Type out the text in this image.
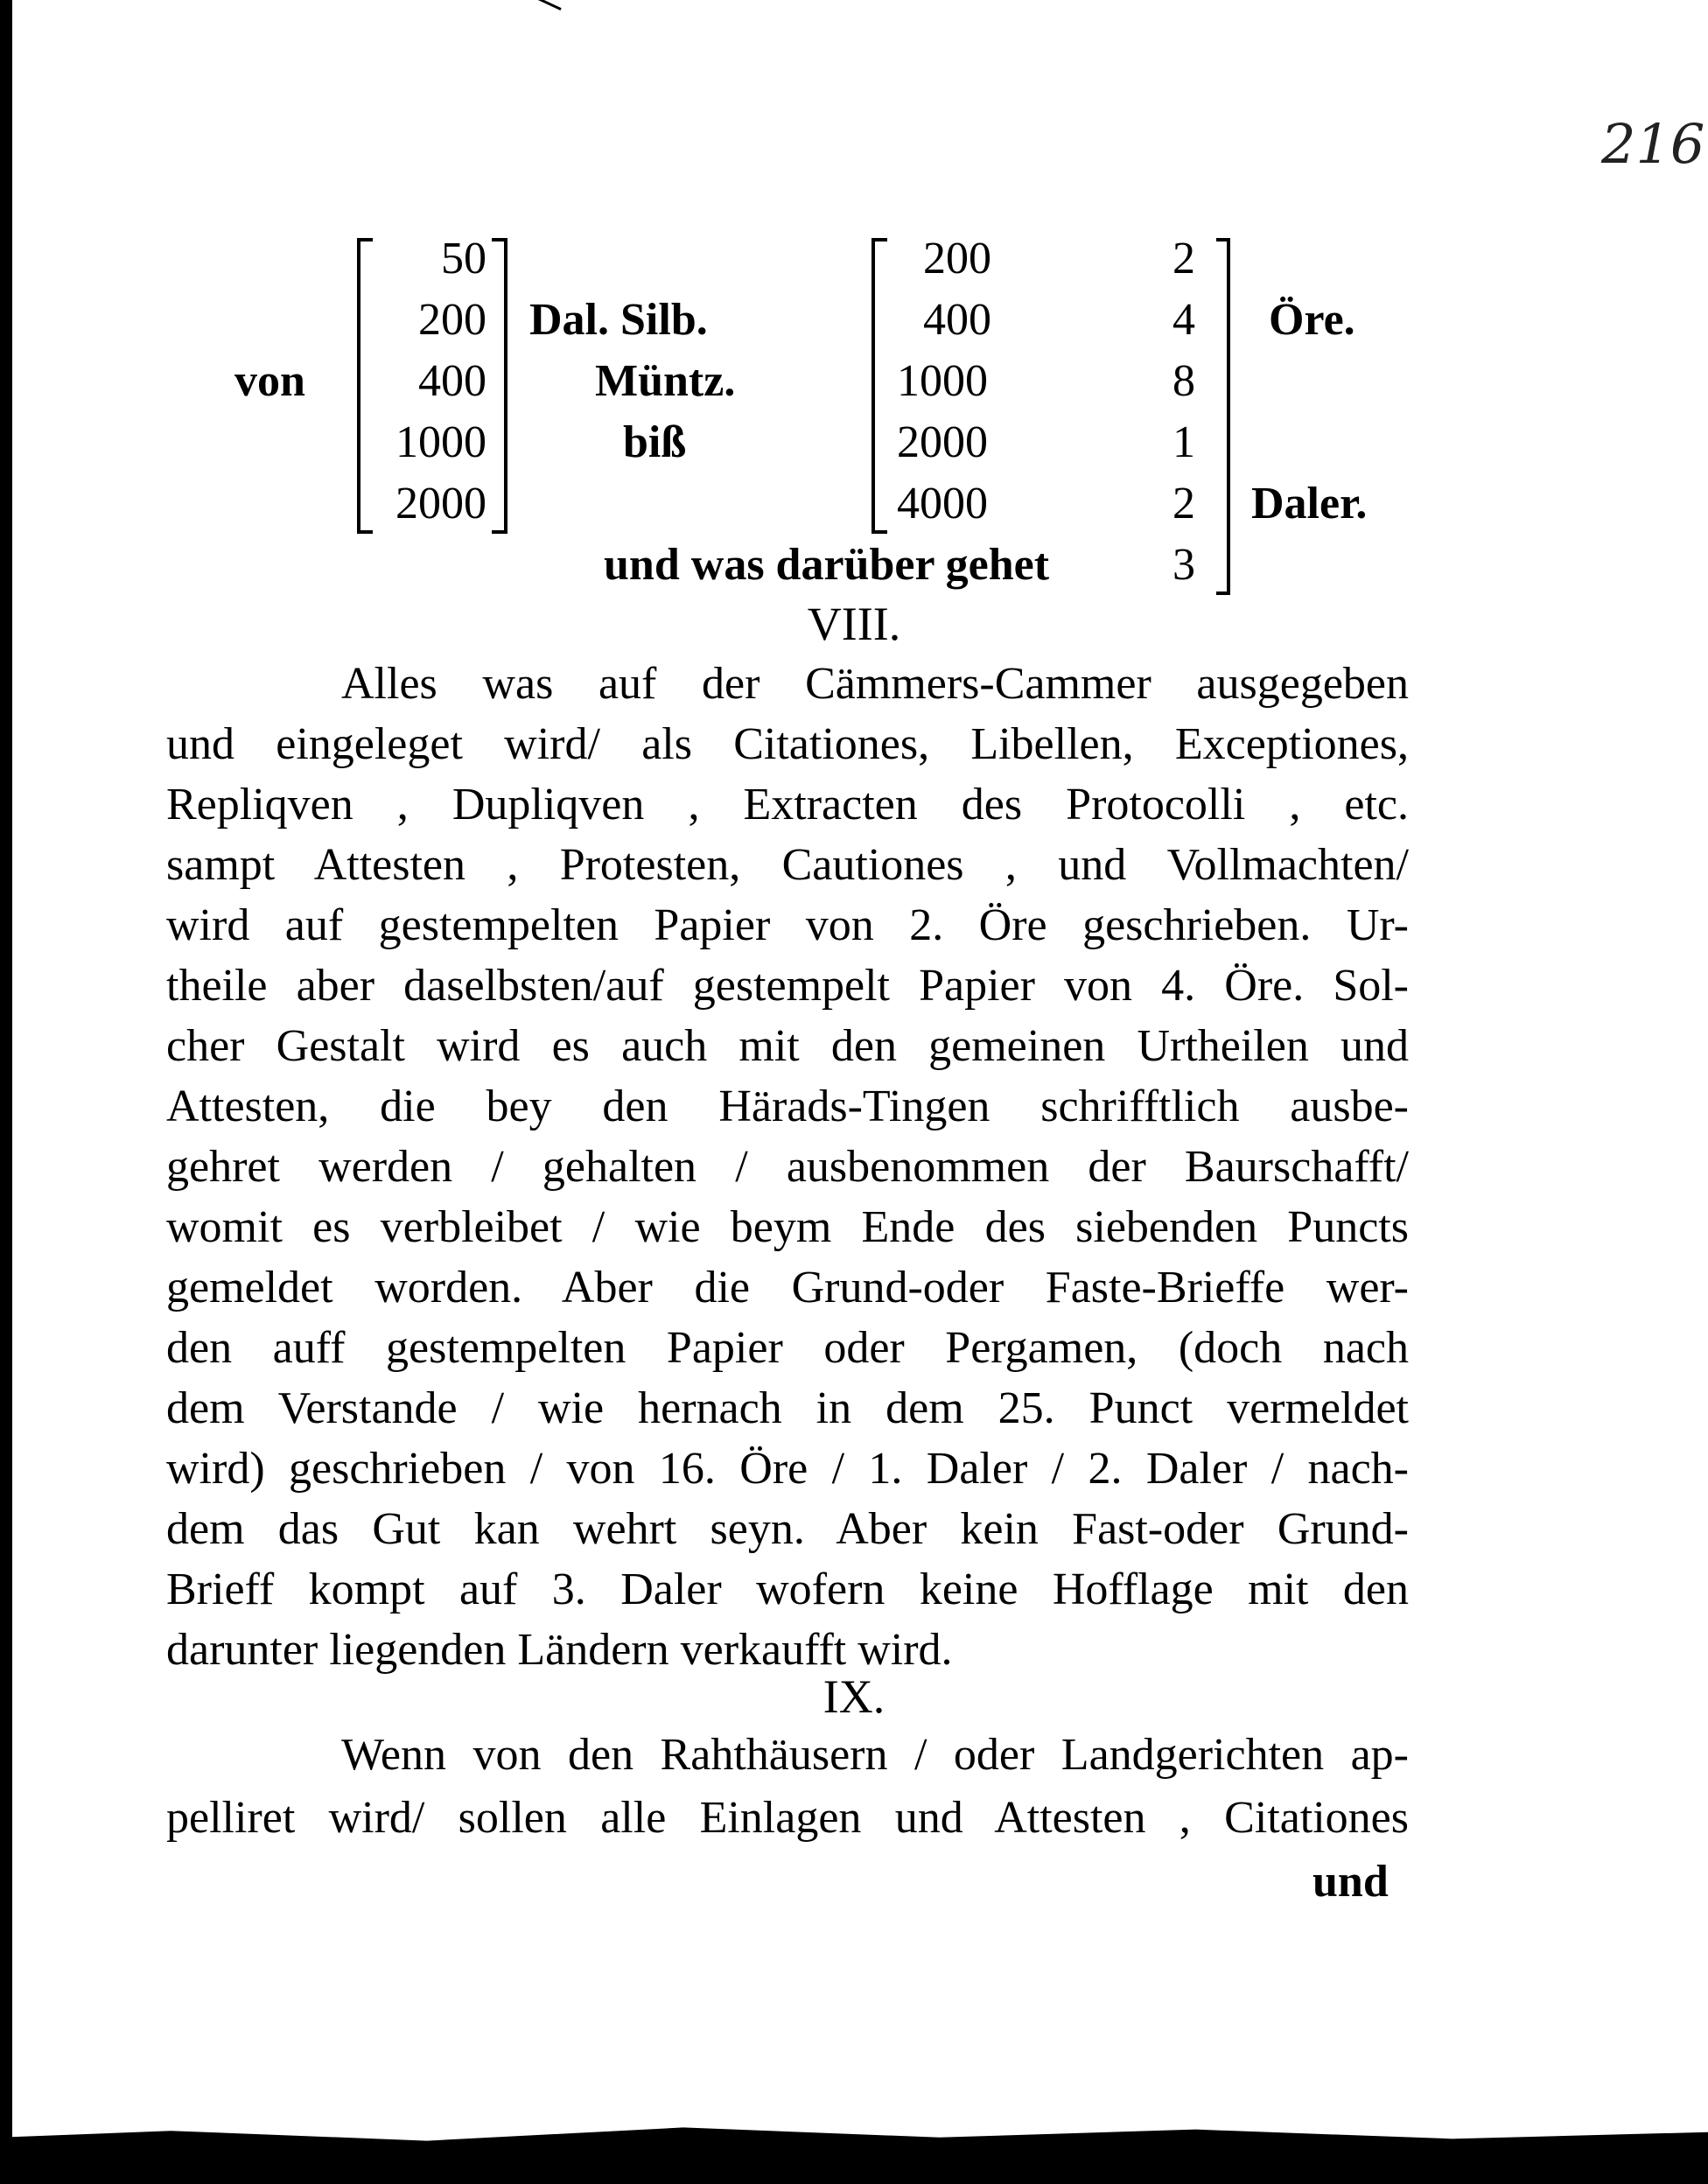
216
von
50
200
400
1000
2000
Dal. Silb.
Müntz.
biß
200
400
1000
2000
4000
2
4
8
1
2
3
Öre.
Daler.
und was darüber gehet
VIII.
Alles was auf der Cämmers-Cammer ausgegeben
und eingeleget wird/ als Citationes, Libellen, Exceptiones,
Repliqven , Dupliqven , Extracten des Protocolli , etc.
sampt Attesten , Protesten, Cautiones , und Vollmachten/
wird auf gestempelten Papier von 2. Öre geschrieben. Ur-
theile aber daselbsten/auf gestempelt Papier von 4. Öre. Sol-
cher Gestalt wird es auch mit den gemeinen Urtheilen und
Attesten, die bey den Härads-Tingen schrifftlich ausbe-
gehret werden / gehalten / ausbenommen der Baurschafft/
womit es verbleibet / wie beym Ende des siebenden Puncts
gemeldet worden. Aber die Grund-oder Faste-Brieffe wer-
den auff gestempelten Papier oder Pergamen, (doch nach
dem Verstande / wie hernach in dem 25. Punct vermeldet
wird) geschrieben / von 16. Öre / 1. Daler / 2. Daler / nach-
dem das Gut kan wehrt seyn. Aber kein Fast-oder Grund-
Brieff kompt auf 3. Daler wofern keine Hofflage mit den
darunter liegenden Ländern verkaufft wird.
IX.
Wenn von den Rahthäusern / oder Landgerichten ap-
pelliret wird/ sollen alle Einlagen und Attesten , Citationes
und
